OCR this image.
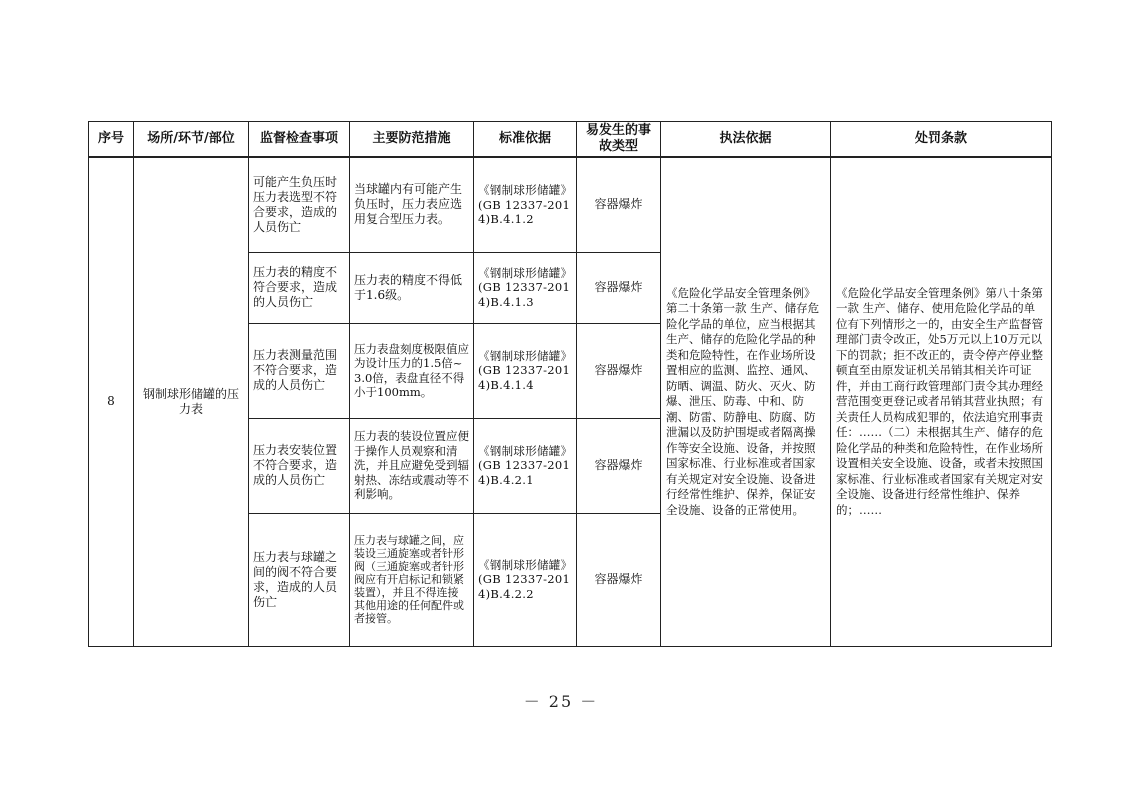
序号	场所/环节/部位	监督检查事项	主要防范措施	标准依据	易发生的事故类型	执法依据	处罚条款
8	钢制球形储罐的压力表	可能产生负压时压力表选型不符合要求，造成的人员伤亡	当球罐内有可能产生负压时，压力表应选用复合型压力表。	《钢制球形储罐》(GB 12337-2014)B.4.1.2	容器爆炸	《危险化学品安全管理条例》第二十条第一款 生产、储存危险化学品的单位，应当根据其生产、储存的危险化学品的种类和危险特性，在作业场所设置相应的监测、监控、通风、防晒、调温、防火、灭火、防爆、泄压、防毒、中和、防潮、防雷、防静电、防腐、防泄漏以及防护围堤或者隔离操作等安全设施、设备，并按照国家标准、行业标准或者国家有关规定对安全设施、设备进行经常性维护、保养，保证安全设施、设备的正常使用。	《危险化学品安全管理条例》第八十条第一款 生产、储存、使用危险化学品的单位有下列情形之一的，由安全生产监督管理部门责令改正，处5万元以上10万元以下的罚款；拒不改正的，责令停产停业整顿直至由原发证机关吊销其相关许可证件，并由工商行政管理部门责令其办理经营范围变更登记或者吊销其营业执照；有关责任人员构成犯罪的，依法追究刑事责任：……（二）未根据其生产、储存的危险化学品的种类和危险特性，在作业场所设置相关安全设施、设备，或者未按照国家标准、行业标准或者国家有关规定对安全设施、设备进行经常性维护、保养的；……
		压力表的精度不符合要求，造成的人员伤亡	压力表的精度不得低于1.6级。	《钢制球形储罐》(GB 12337-2014)B.4.1.3	容器爆炸		
		压力表测量范围不符合要求，造成的人员伤亡	压力表盘刻度极限值应为设计压力的1.5倍~3.0倍，表盘直径不得小于100mm。	《钢制球形储罐》(GB 12337-2014)B.4.1.4	容器爆炸		
		压力表安装位置不符合要求，造成的人员伤亡	压力表的装设位置应便于操作人员观察和清洗，并且应避免受到辐射热、冻结或震动等不利影响。	《钢制球形储罐》(GB 12337-2014)B.4.2.1	容器爆炸		
		压力表与球罐之间的阀不符合要求，造成的人员伤亡	压力表与球罐之间，应装设三通旋塞或者针形阀（三通旋塞或者针形阀应有开启标记和锁紧装置），并且不得连接其他用途的任何配件或者接管。	《钢制球形储罐》(GB 12337-2014)B.4.2.2	容器爆炸		
－ 25 －
